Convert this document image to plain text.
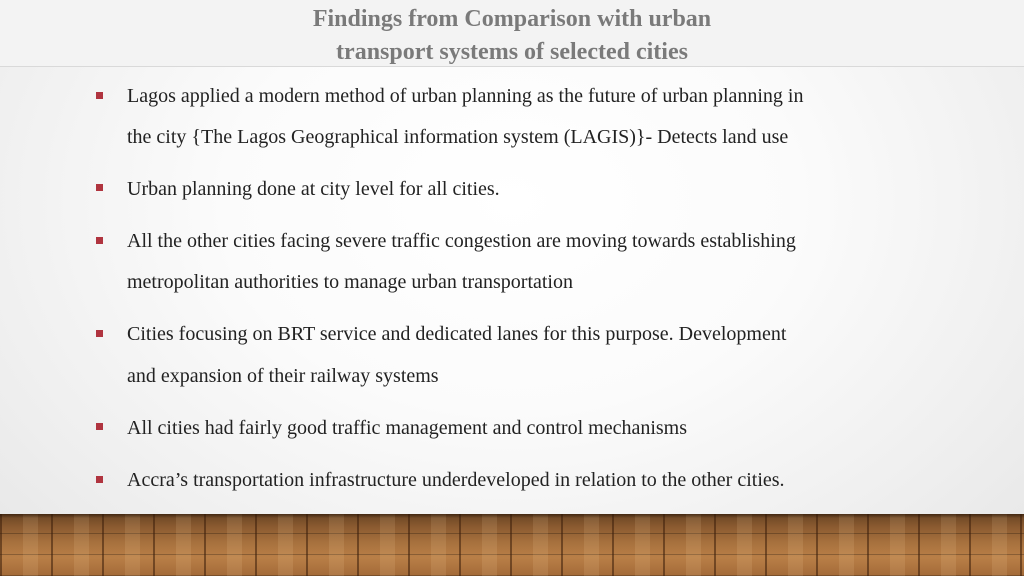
Findings from Comparison with urban
transport systems of selected cities
Lagos applied a modern method of urban planning as the future of urban planning in
the city {The Lagos Geographical information system (LAGIS)}- Detects land use
Urban planning done at city level for all cities.
All the other cities facing severe traffic congestion are moving towards establishing
metropolitan authorities to manage urban transportation
Cities focusing on BRT service and dedicated lanes for this purpose. Development
and expansion of their railway systems
All cities had fairly good traffic management and control mechanisms
Accra’s transportation infrastructure underdeveloped in relation to the other cities.
